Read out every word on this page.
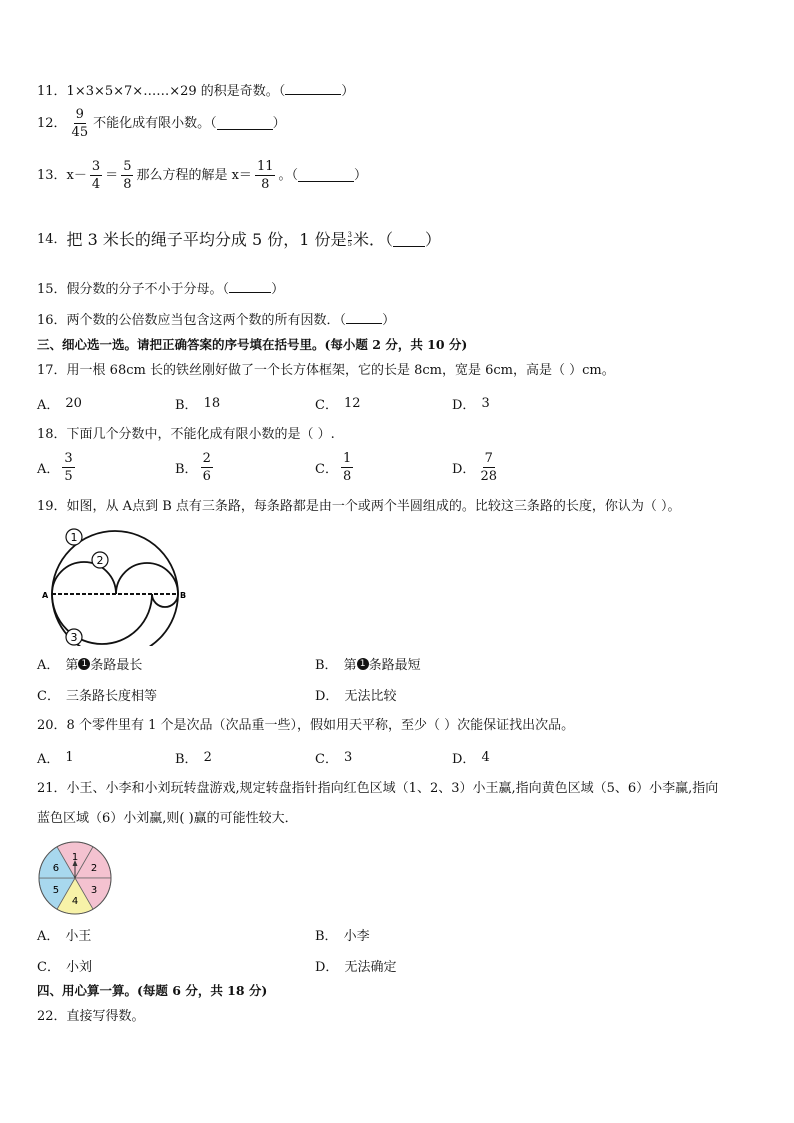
11．1×3×5×7×……×29 的积是奇数。（	）
12． $\frac{9}{45}$ 不能化成有限小数。（	）
13． $x- \frac{3}{4} = \frac{5}{8}$ 那么方程的解是 $x= \frac{11}{8}$ 。（	）
14． 把 3 米长的绳子平均分成 5 份，1 份是 3
5 米．（ ）
15．假分数的分子不小于分母。（	）
16．两个数的公倍数应当包含这两个数的所有因数．（	）
三、细心选一选。请把正确答案的序号填在括号里。(每小题 2 分，共 10 分)
17．用一根 68cm 长的铁丝刚好做了一个长方体框架，它的长是 8cm，宽是 6cm，高是（ ）cm。
A． 20	B． 18	C． 12	D． 3
18．下面几个分数中，不能化成有限小数的是（ ）.
A． $\frac{3}{5}$	B． $\frac{2}{6}$	C． $\frac{1}{8}$	D． $\frac{7}{28}$
19．如图，从 A点到 B 点有三条路，每条路都是由一个或两个半圆组成的。比较这三条路的长度，你认为（ ）。
A	B
1
2
3
A． 第 1 条路最长	B． 第 1 条路最短
C． 三条路长度相等	D． 无法比较
20．8 个零件里有 1 个是次品（次品重一些），假如用天平称，至少（ ）次能保证找出次品。
A． 1	B． 2	C． 3	D． 4
21．小王、小李和小刘玩转盘游戏,规定转盘指针指向红色区域（1、2、3）小王赢,指向黄色区域（5、6）小李赢,指向
蓝色区域（6）小刘赢,则( )赢的可能性较大．
1
2
3
4
5
6
A． 小王	B． 小李
C． 小刘	D． 无法确定
四、用心算一算。(每题 6 分，共 18 分)
22．直接写得数。
